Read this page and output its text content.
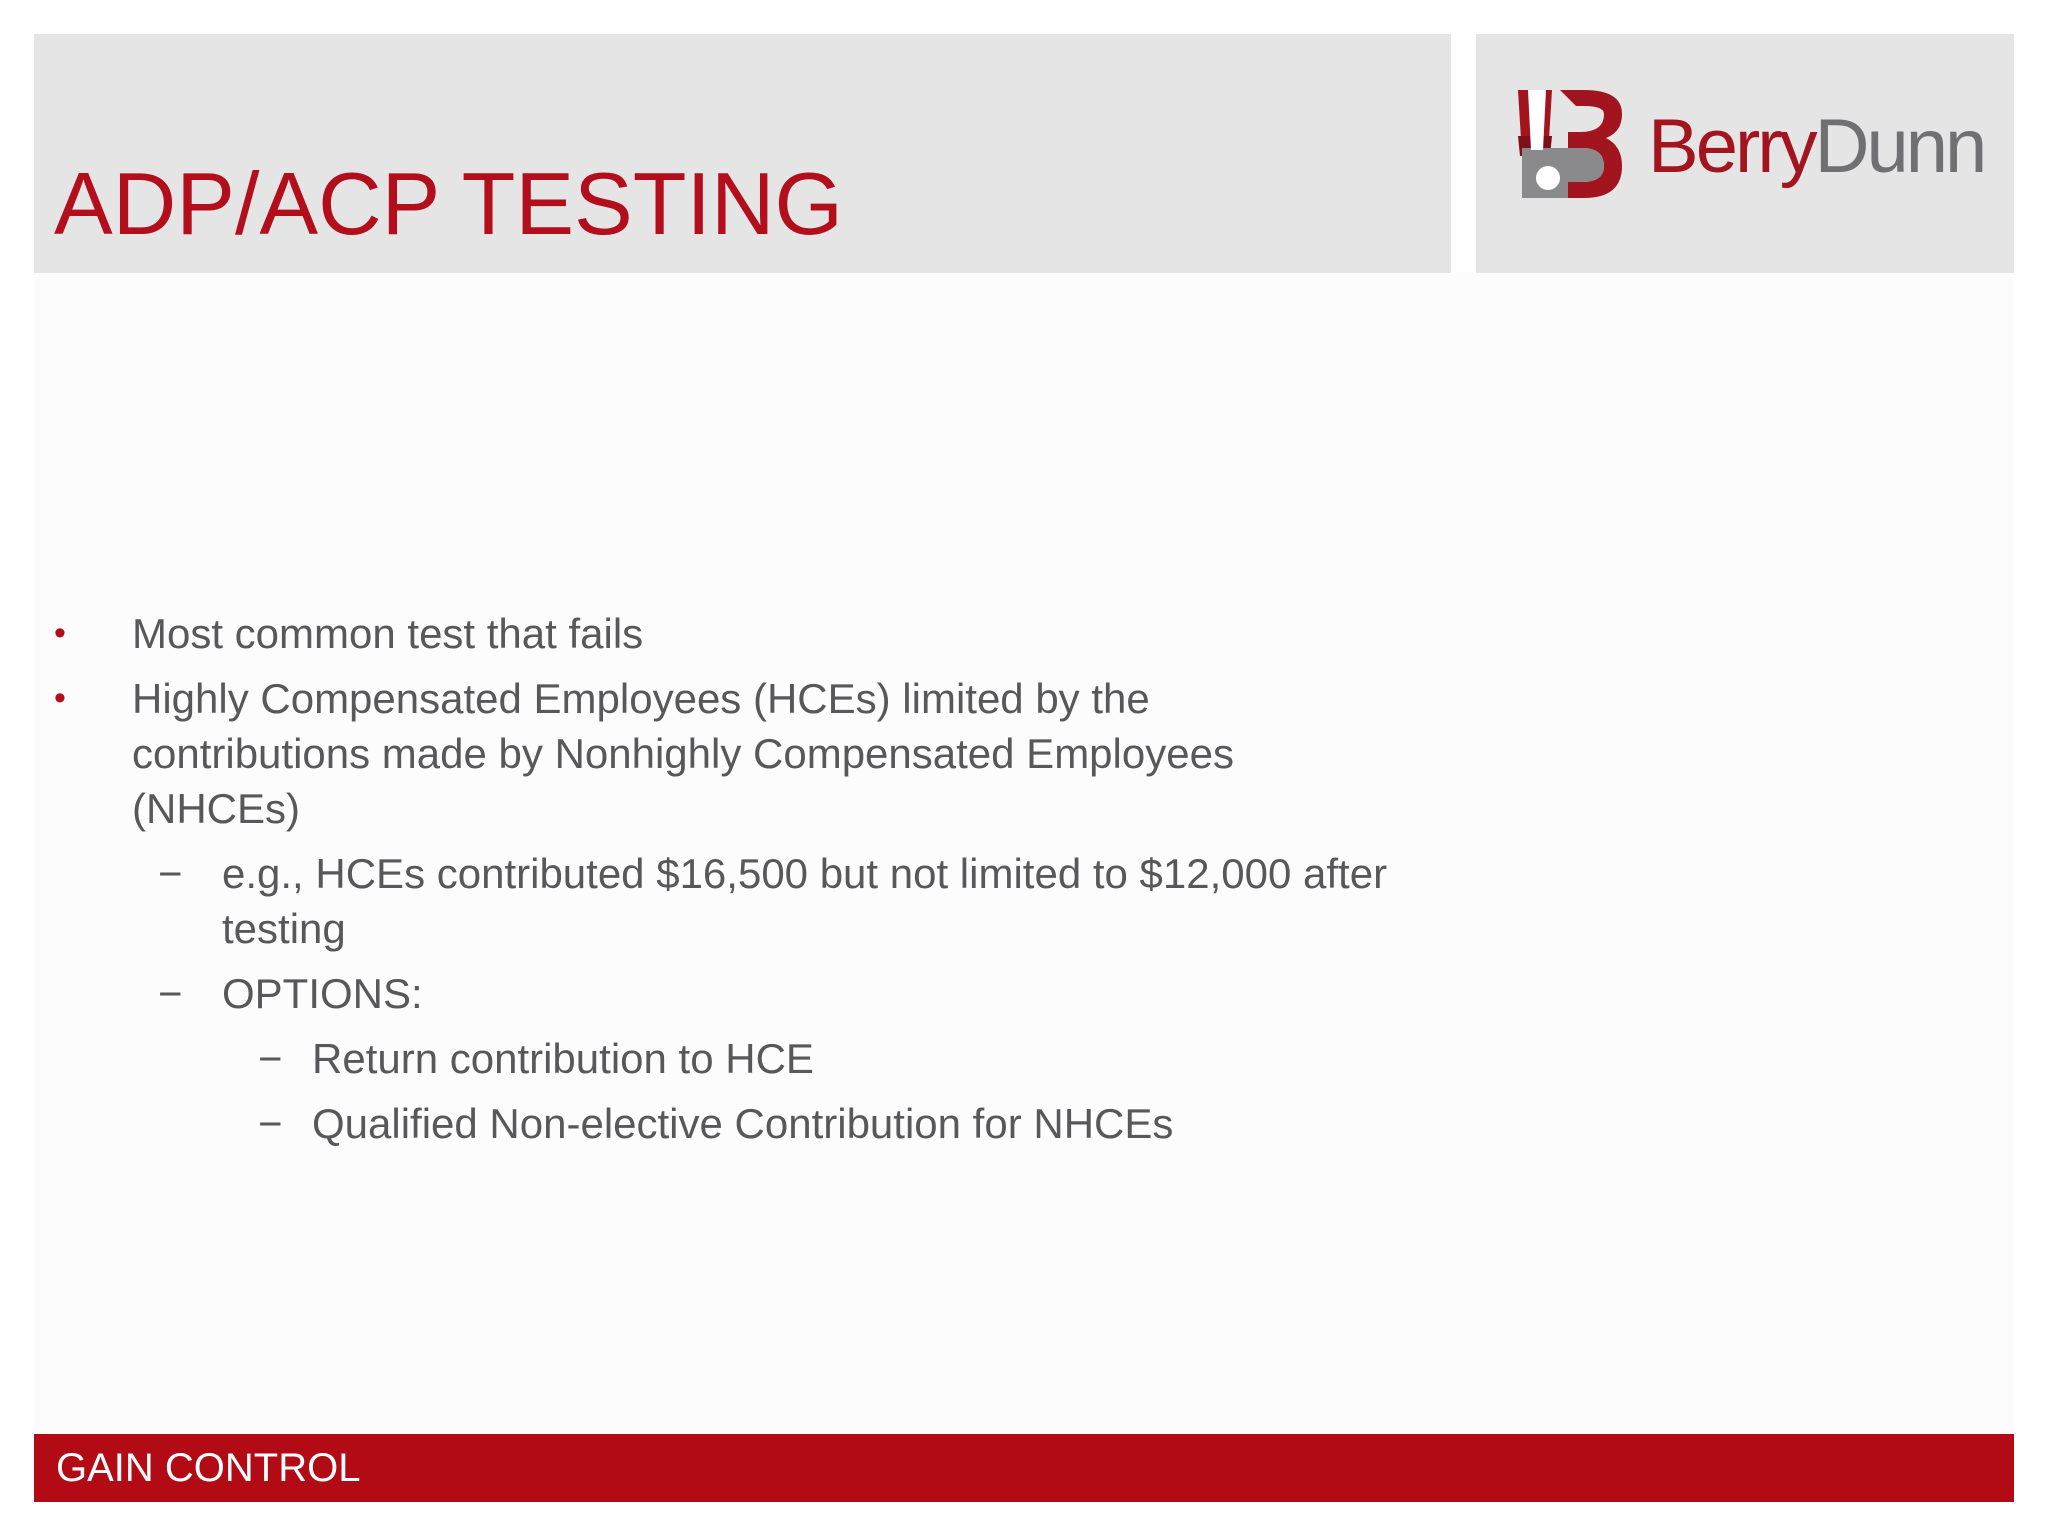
ADP/ACP TESTING
BerryDunn

• Most common test that fails

• Highly Compensated Employees (HCEs) limited by the contributions made by Nonhighly Compensated Employees (NHCEs)

− e.g., HCEs contributed $16,500 but not limited to $12,000 after testing

− OPTIONS:

− Return contribution to HCE

− Qualified Non-elective Contribution for NHCEs

GAIN CONTROL
